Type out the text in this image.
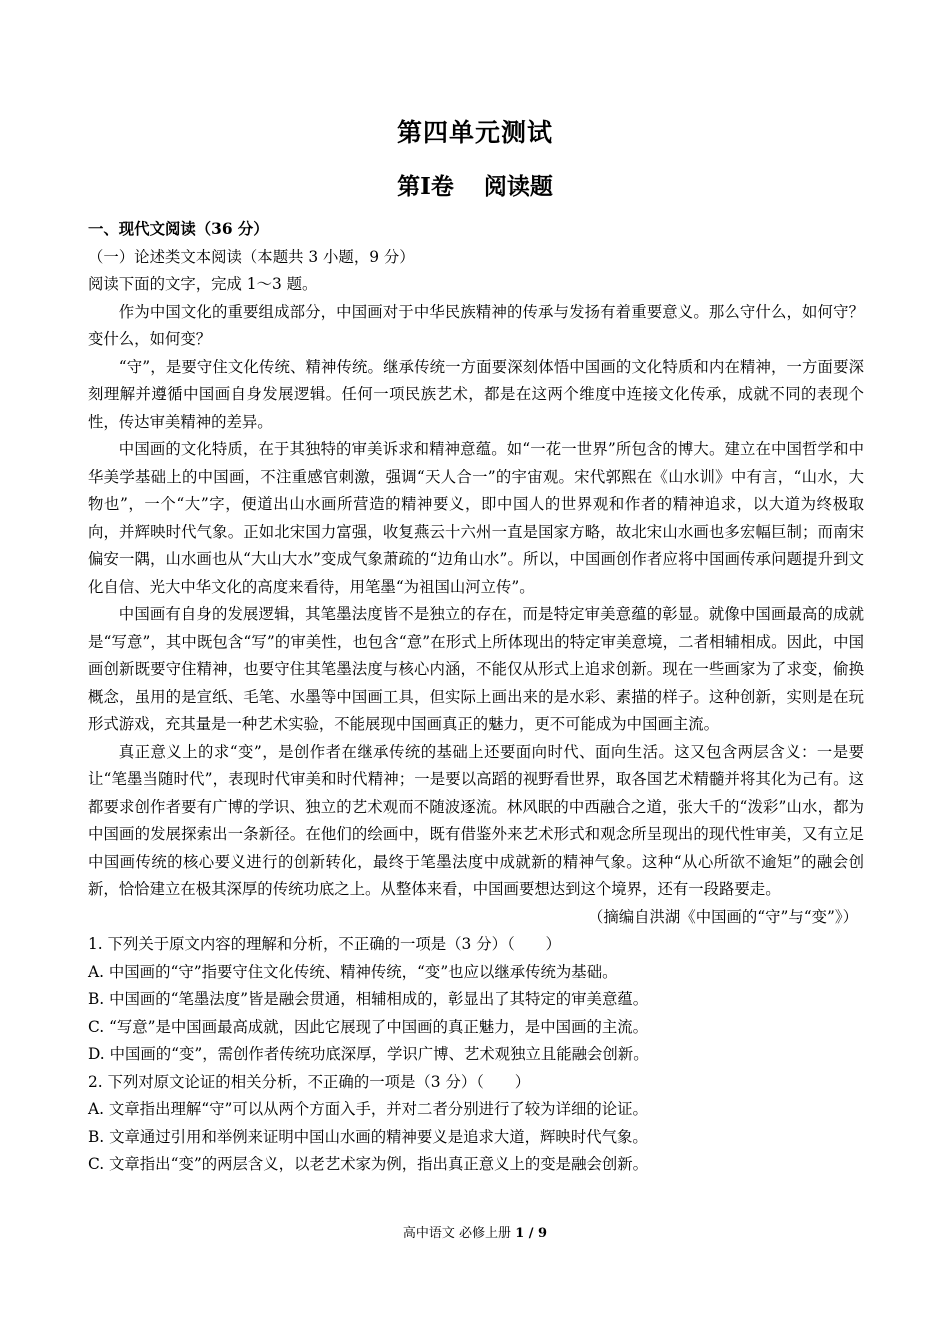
第四单元测试
第Ⅰ卷 阅读题

一、现代文阅读（36 分）

（一）论述类文本阅读（本题共 3 小题，9 分）

阅读下面的文字，完成 1～3 题。

作为中国文化的重要组成部分，中国画对于中华民族精神的传承与发扬有着重要意义。那么守什么，如何守？变什么，如何变？

“守”，是要守住文化传统、精神传统。继承传统一方面要深刻体悟中国画的文化特质和内在精神，一方面要深刻理解并遵循中国画自身发展逻辑。任何一项民族艺术，都是在这两个维度中连接文化传承，成就不同的表现个性，传达审美精神的差异。

中国画的文化特质，在于其独特的审美诉求和精神意蕴。如“一花一世界”所包含的博大。建立在中国哲学和中华美学基础上的中国画，不注重感官刺激，强调“天人合一”的宇宙观。宋代郭熙在《山水训》中有言，“山水，大物也”，一个“大”字，便道出山水画所营造的精神要义，即中国人的世界观和作者的精神追求，以大道为终极取向，并辉映时代气象。正如北宋国力富强，收复燕云十六州一直是国家方略，故北宋山水画也多宏幅巨制；而南宋偏安一隅，山水画也从“大山大水”变成气象萧疏的“边角山水”。所以，中国画创作者应将中国画传承问题提升到文化自信、光大中华文化的高度来看待，用笔墨“为祖国山河立传”。

中国画有自身的发展逻辑，其笔墨法度皆不是独立的存在，而是特定审美意蕴的彰显。就像中国画最高的成就是“写意”，其中既包含“写”的审美性，也包含“意”在形式上所体现出的特定审美意境，二者相辅相成。因此，中国画创新既要守住精神，也要守住其笔墨法度与核心内涵，不能仅从形式上追求创新。现在一些画家为了求变，偷换概念，虽用的是宣纸、毛笔、水墨等中国画工具，但实际上画出来的是水彩、素描的样子。这种创新，实则是在玩形式游戏，充其量是一种艺术实验，不能展现中国画真正的魅力，更不可能成为中国画主流。

真正意义上的求“变”，是创作者在继承传统的基础上还要面向时代、面向生活。这又包含两层含义：一是要让“笔墨当随时代”，表现时代审美和时代精神；一是要以高蹈的视野看世界，取各国艺术精髓并将其化为己有。这都要求创作者要有广博的学识、独立的艺术观而不随波逐流。林风眠的中西融合之道，张大千的“泼彩”山水，都为中国画的发展探索出一条新径。在他们的绘画中，既有借鉴外来艺术形式和观念所呈现出的现代性审美，又有立足中国画传统的核心要义进行的创新转化，最终于笔墨法度中成就新的精神气象。这种“从心所欲不逾矩”的融会创新，恰恰建立在极其深厚的传统功底之上。从整体来看，中国画要想达到这个境界，还有一段路要走。

（摘编自洪湖《中国画的“守”与“变”》）

1. 下列关于原文内容的理解和分析，不正确的一项是（3 分）（　　）

A. 中国画的“守”指要守住文化传统、精神传统，“变”也应以继承传统为基础。

B. 中国画的“笔墨法度”皆是融会贯通，相辅相成的，彰显出了其特定的审美意蕴。

C. “写意”是中国画最高成就，因此它展现了中国画的真正魅力，是中国画的主流。

D. 中国画的“变”，需创作者传统功底深厚，学识广博、艺术观独立且能融会创新。

2. 下列对原文论证的相关分析，不正确的一项是（3 分）（　　）

A. 文章指出理解“守”可以从两个方面入手，并对二者分别进行了较为详细的论证。

B. 文章通过引用和举例来证明中国山水画的精神要义是追求大道，辉映时代气象。

C. 文章指出“变”的两层含义，以老艺术家为例，指出真正意义上的变是融会创新。

高中语文 必修上册 1 / 9
